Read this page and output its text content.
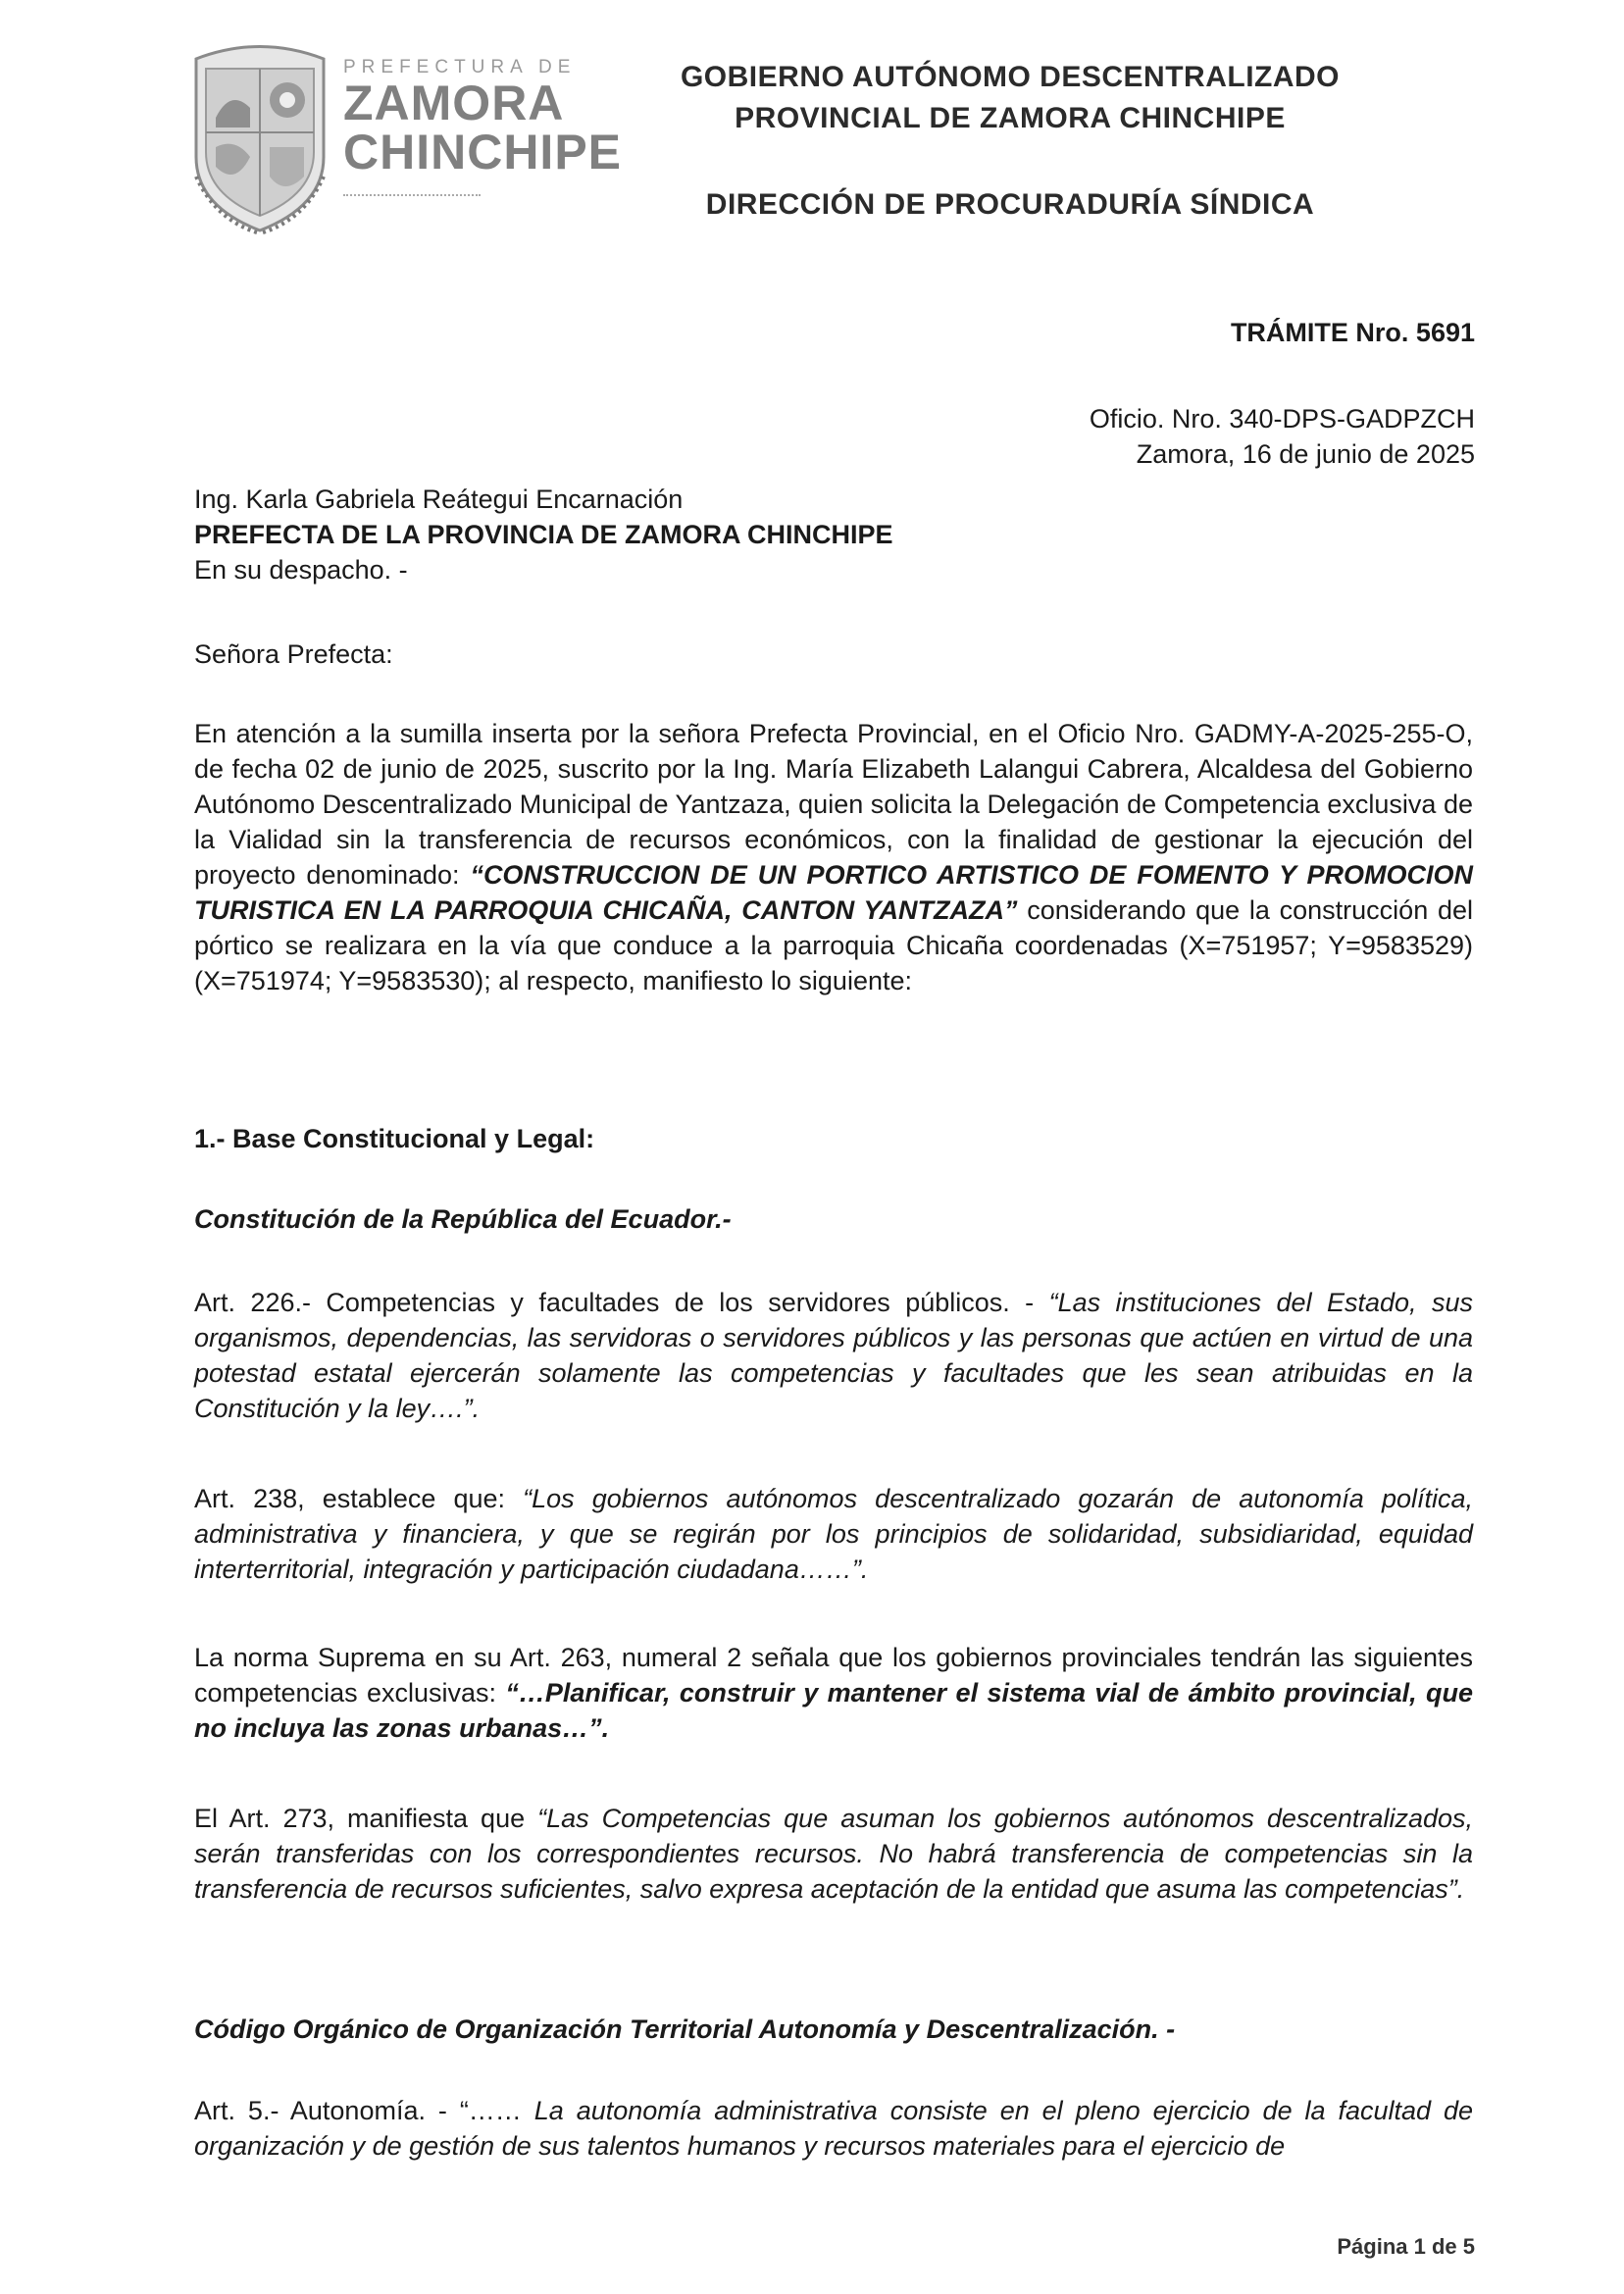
PREFECTURA DE
ZAMORA
CHINCHIPE
GOBIERNO AUTÓNOMO DESCENTRALIZADO
PROVINCIAL DE ZAMORA CHINCHIPE
DIRECCIÓN DE PROCURADURÍA SÍNDICA
TRÁMITE Nro. 5691
Oficio. Nro. 340-DPS-GADPZCH
Zamora, 16 de junio de 2025
Ing. Karla Gabriela Reátegui Encarnación
PREFECTA DE LA PROVINCIA DE ZAMORA CHINCHIPE
En su despacho. -
Señora Prefecta:
En atención a la sumilla inserta por la señora Prefecta Provincial, en el Oficio Nro. GADMY-A-2025-255-O, de fecha 02 de junio de 2025, suscrito por la Ing. María Elizabeth Lalangui Cabrera, Alcaldesa del Gobierno Autónomo Descentralizado Municipal de Yantzaza, quien solicita la Delegación de Competencia exclusiva de la Vialidad sin la transferencia de recursos económicos, con la finalidad de gestionar la ejecución del proyecto denominado: “CONSTRUCCION DE UN PORTICO ARTISTICO DE FOMENTO Y PROMOCION TURISTICA EN LA PARROQUIA CHICAÑA, CANTON YANTZAZA” considerando que la construcción del pórtico se realizara en la vía que conduce a la parroquia Chicaña coordenadas (X=751957; Y=9583529) (X=751974; Y=9583530); al respecto, manifiesto lo siguiente:
1.- Base Constitucional y Legal:
Constitución de la República del Ecuador.-
Art. 226.- Competencias y facultades de los servidores públicos. - “Las instituciones del Estado, sus organismos, dependencias, las servidoras o servidores públicos y las personas que actúen en virtud de una potestad estatal ejercerán solamente las competencias y facultades que les sean atribuidas en la Constitución y la ley….”.
Art. 238, establece que: “Los gobiernos autónomos descentralizado gozarán de autonomía política, administrativa y financiera, y que se regirán por los principios de solidaridad, subsidiaridad, equidad interterritorial, integración y participación ciudadana……”.
La norma Suprema en su Art. 263, numeral 2 señala que los gobiernos provinciales tendrán las siguientes competencias exclusivas: “…Planificar, construir y mantener el sistema vial de ámbito provincial, que no incluya las zonas urbanas…”.
El Art. 273, manifiesta que “Las Competencias que asuman los gobiernos autónomos descentralizados, serán transferidas con los correspondientes recursos. No habrá transferencia de competencias sin la transferencia de recursos suficientes, salvo expresa aceptación de la entidad que asuma las competencias”.
Código Orgánico de Organización Territorial Autonomía y Descentralización. -
Art. 5.- Autonomía. - “…… La autonomía administrativa consiste en el pleno ejercicio de la facultad de organización y de gestión de sus talentos humanos y recursos materiales para el ejercicio de
Página 1 de 5
